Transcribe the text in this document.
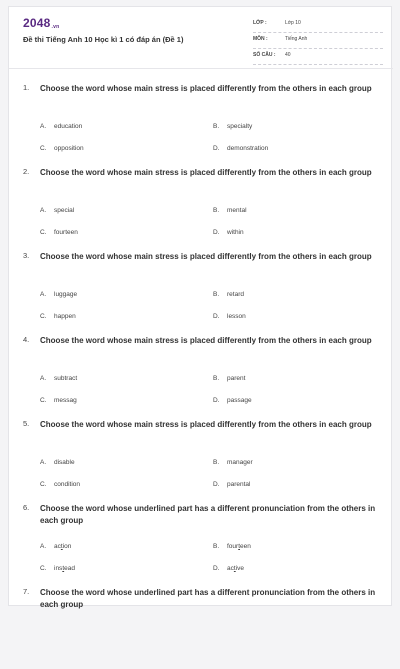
2048.vn
Đề thi Tiếng Anh 10 Học kì 1 có đáp án (Đề 1)
LỚP :	Lớp 10
MÔN :	Tiếng Anh
SỐ CÂU : 40
1. Choose the word whose main stress is placed differently from the others in each group
A. education	B. specialty
C. opposition	D. demonstration
2. Choose the word whose main stress is placed differently from the others in each group
A. special	B. mental
C. fourteen	D. within
3. Choose the word whose main stress is placed differently from the others in each group
A. luggage	B. retard
C. happen	D. lesson
4. Choose the word whose main stress is placed differently from the others in each group
A. subtract	B. parent
C. messag	D. passage
5. Choose the word whose main stress is placed differently from the others in each group
A. disable	B. manager
C. condition	D. parental
6. Choose the word whose underlined part has a different pronunciation from the others in each group
A. action	B. fourteen
C. instead	D. active
7. Choose the word whose underlined part has a different pronunciation from the others in each group
